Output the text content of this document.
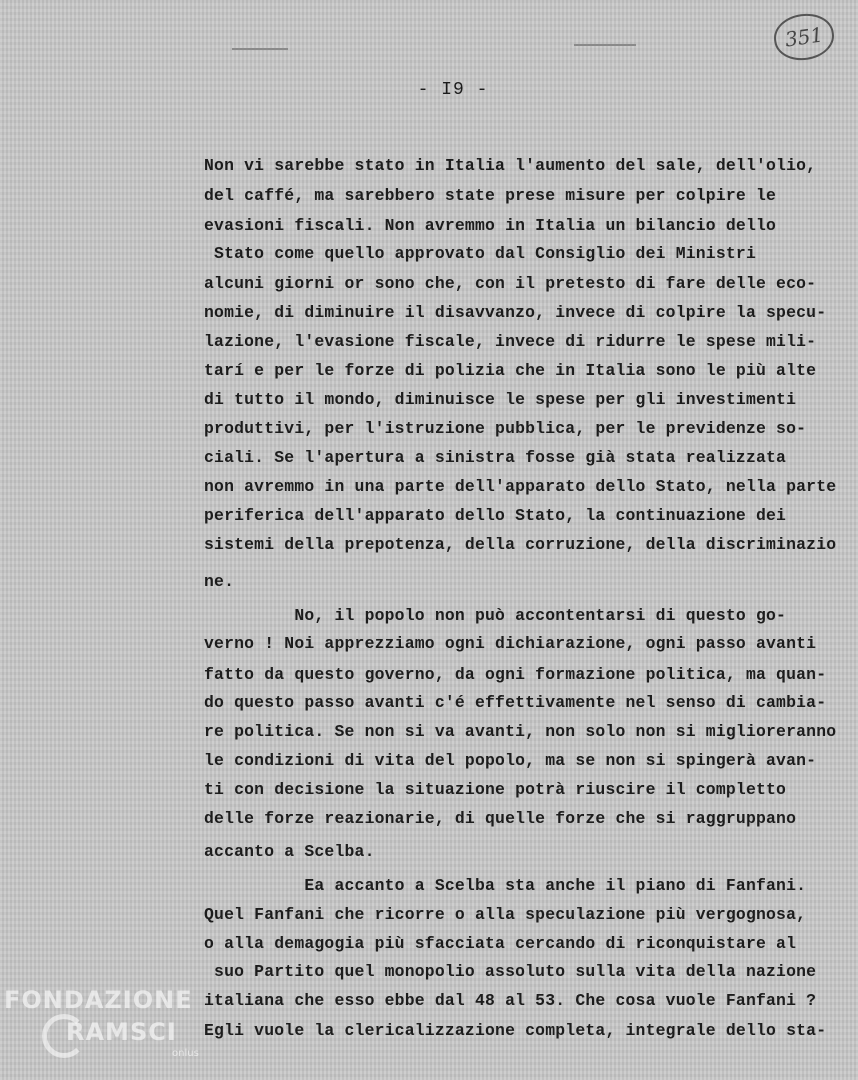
351
- I9 -
Non vi sarebbe stato in Italia l'aumento del sale, dell'olio,
del caffé, ma sarebbero state prese misure per colpire le
evasioni fiscali. Non avremmo in Italia un bilancio dello
Stato come quello approvato dal Consiglio dei Ministri
alcuni giorni or sono che, con il pretesto di fare delle eco-
nomie, di diminuire il disavvanzo, invece di colpire la specu-
lazione, l'evasione fiscale, invece di ridurre le spese mili-
tarí e per le forze di polizia che in Italia sono le più alte
di tutto il mondo, diminuisce le spese per gli investimenti
produttivi, per l'istruzione pubblica, per le previdenze so-
ciali. Se l'apertura a sinistra fosse già stata realizzata
non avremmo in una parte dell'apparato dello Stato, nella parte
periferica dell'apparato dello Stato, la continuazione dei
sistemi della prepotenza, della corruzione, della discriminazio
ne.
No, il popolo non può accontentarsi di questo go-
verno ! Noi apprezziamo ogni dichiarazione, ogni passo avanti
fatto da questo governo, da ogni formazione politica, ma quan-
do questo passo avanti c'é effettivamente nel senso di cambia-
re politica. Se non si va avanti, non solo non si miglioreranno
le condizioni di vita del popolo, ma se non si spingerà avan-
ti con decisione la situazione potrà riuscire il completto
delle forze reazionarie, di quelle forze che si raggruppano
accanto a Scelba.
Ea accanto a Scelba sta anche il piano di Fanfani.
Quel Fanfani che ricorre o alla speculazione più vergognosa,
o alla demagogia più sfacciata cercando di riconquistare al
suo Partito quel monopolio assoluto sulla vita della nazione
italiana che esso ebbe dal 48 al 53. Che cosa vuole Fanfani ?
Egli vuole la clericalizzazione completa, integrale dello sta-
FONDAZIONE
RAMSCI
onlus
